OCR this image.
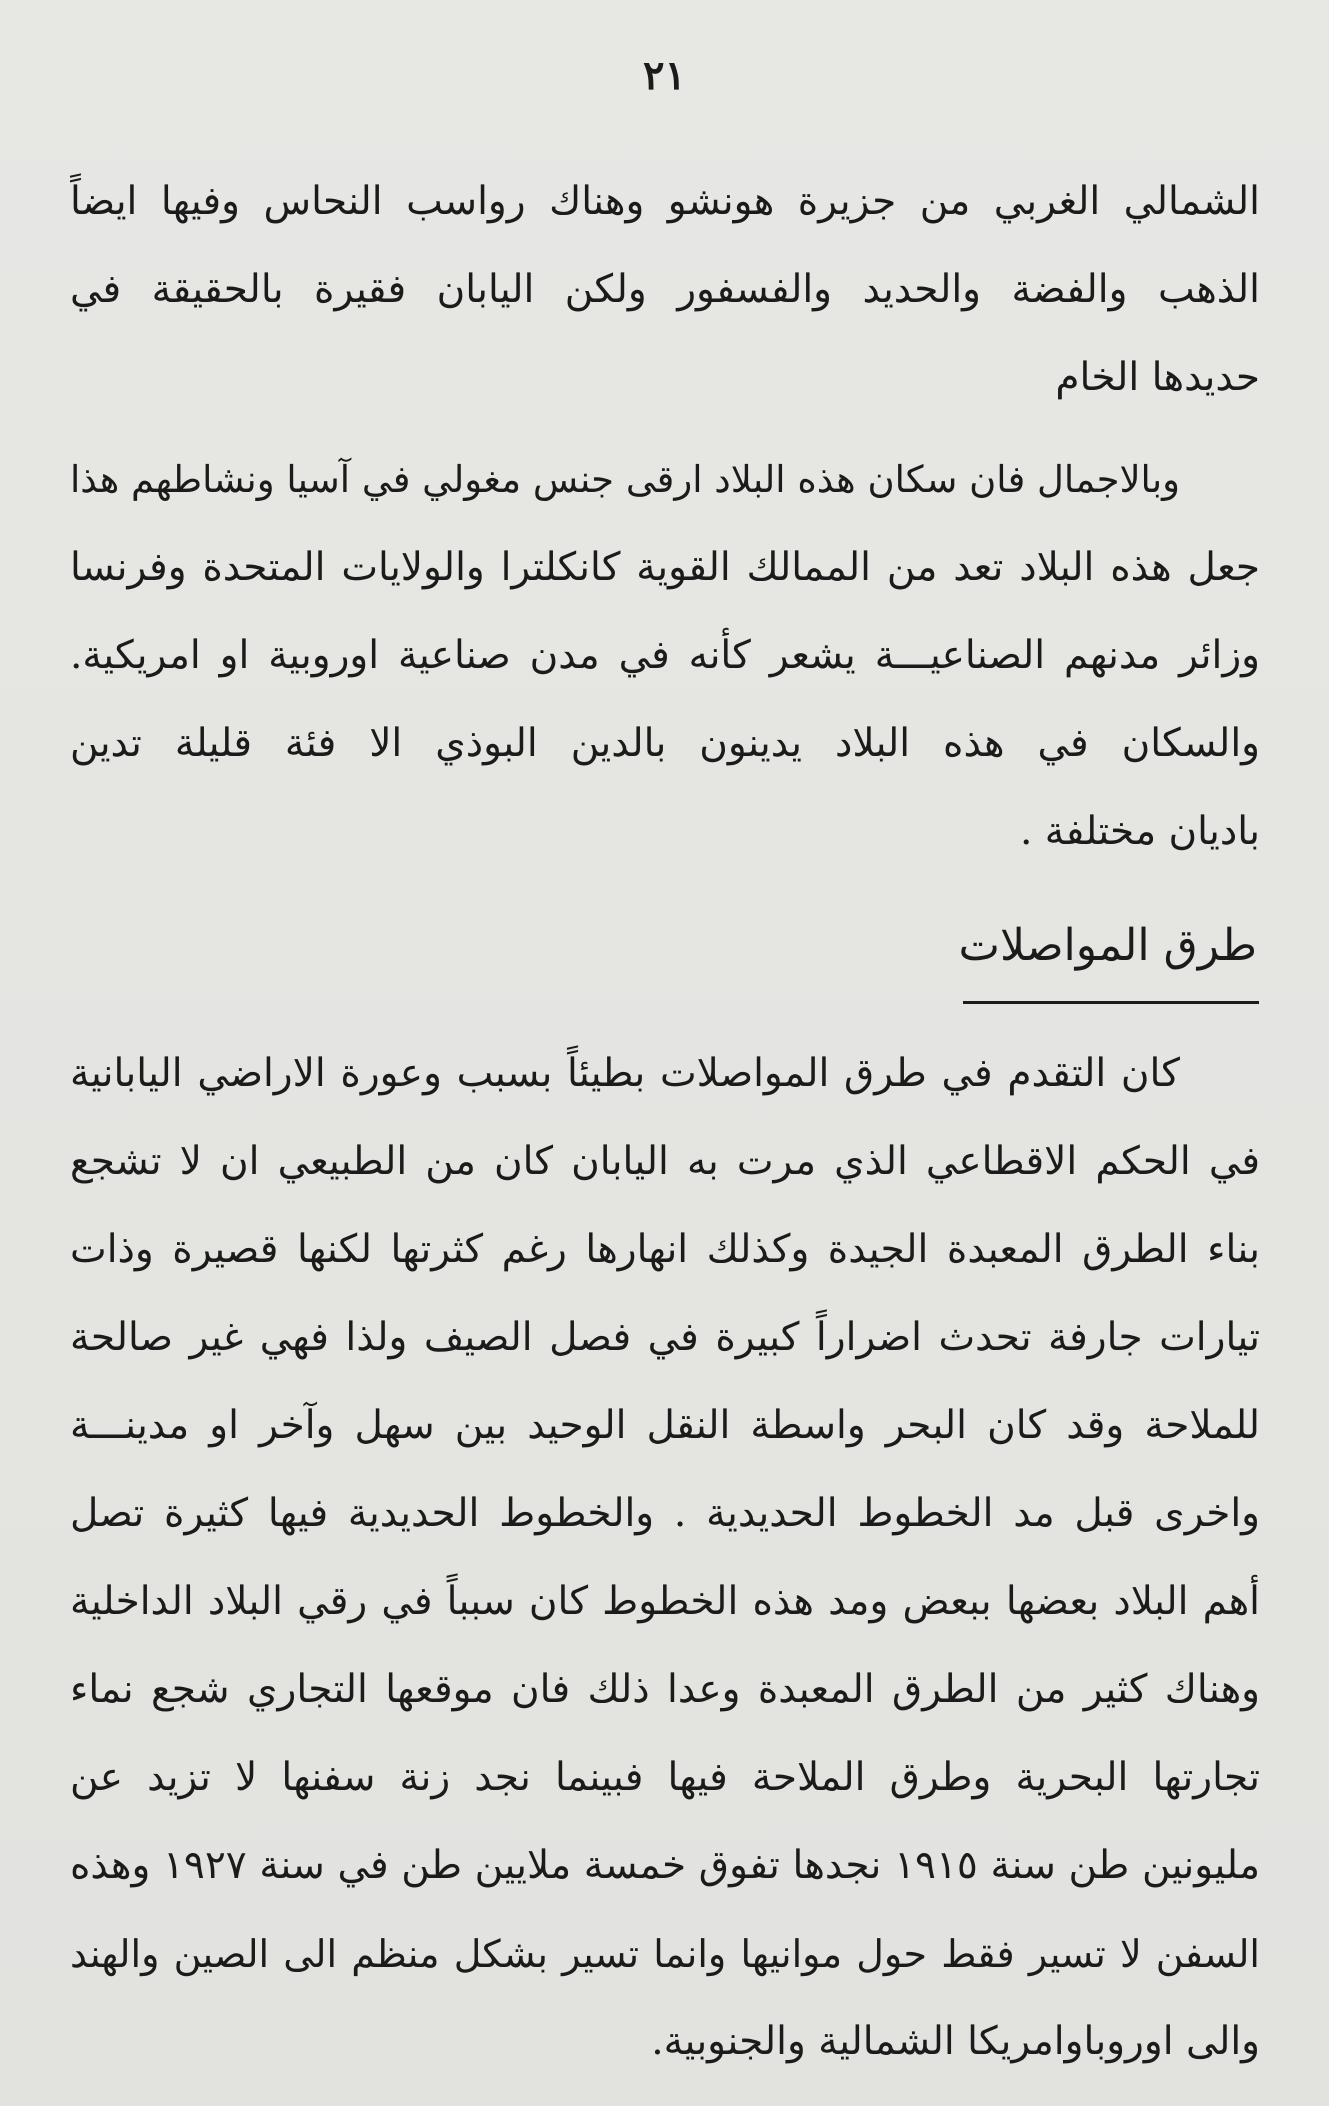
٢١
الشمالي الغربي من جزيرة هونشو وهناك رواسب النحاس وفيها ايضاً
الذهب والفضة والحديد والفسفور ولكن اليابان فقيرة بالحقيقة في
حديدها الخام
وبالاجمال فان سكان هذه البلاد ارقى جنس مغولي في آسيا ونشاطهم هذا
جعل هذه البلاد تعد من الممالك القوية كانكلترا والولايات المتحدة وفرنسا
وزائر مدنهم الصناعيـــة يشعر كأنه في مدن صناعية اوروبية او امريكية.
والسكان في هذه البلاد يدينون بالدين البوذي الا فئة قليلة تدين
باديان مختلفة .
طرق المواصلات
كان التقدم في طرق المواصلات بطيئاً بسبب وعورة الاراضي اليابانية
في الحكم الاقطاعي الذي مرت به اليابان كان من الطبيعي ان لا تشجع
بناء الطرق المعبدة الجيدة وكذلك انهارها رغم كثرتها لكنها قصيرة وذات
تيارات جارفة تحدث اضراراً كبيرة في فصل الصيف ولذا فهي غير صالحة
للملاحة وقد كان البحر واسطة النقل الوحيد بين سهل وآخر او مدينـــة
واخرى قبل مد الخطوط الحديدية . والخطوط الحديدية فيها كثيرة تصل
أهم البلاد بعضها ببعض ومد هذه الخطوط كان سبباً في رقي البلاد الداخلية
وهناك كثير من الطرق المعبدة وعدا ذلك فان موقعها التجاري شجع نماء
تجارتها البحرية وطرق الملاحة فيها فبينما نجد زنة سفنها لا تزيد عن
مليونين طن سنة ١٩١٥ نجدها تفوق خمسة ملايين طن في سنة ١٩٢٧ وهذه
السفن لا تسير فقط حول موانيها وانما تسير بشكل منظم الى الصين والهند
والى اوروباوامريكا الشمالية والجنوبية.
